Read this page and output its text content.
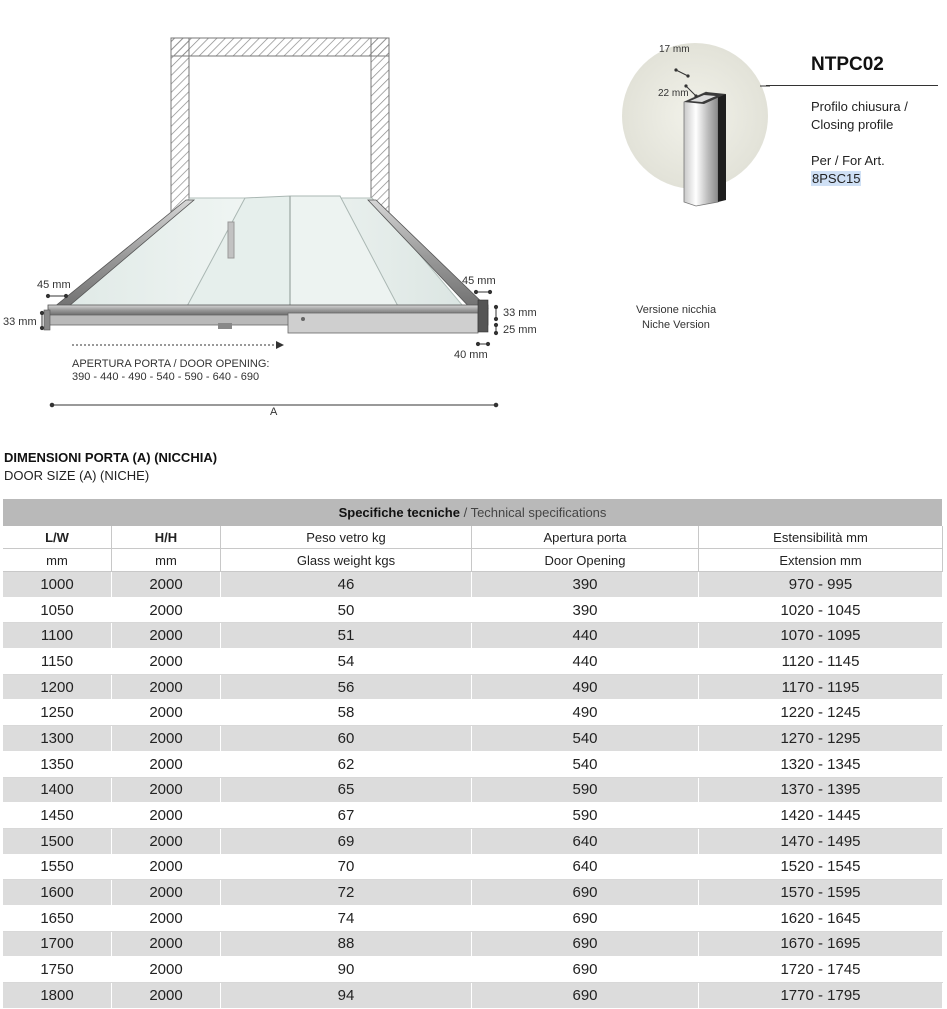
45 mm
33 mm
45 mm
33 mm
25 mm
40 mm
APERTURA PORTA / DOOR OPENING:
390 - 440 - 490 - 540 - 590 - 640 - 690
A
Versione nicchia
Niche Version
17 mm
22 mm
NTPC02
Profilo chiusura /
Closing profile
Per / For Art.
8PSC15
DIMENSIONI PORTA (A) (NICCHIA)
DOOR SIZE (A) (NICHE)
Specifiche tecniche / Technical specifications				
L/W	H/H	Peso vetro kg	Apertura porta	Estensibilità mm
mm	mm	Glass weight kgs	Door Opening	Extension mm
1000	2000	46	390	970 - 995
1050	2000	50	390	1020 - 1045
1100	2000	51	440	1070 - 1095
1150	2000	54	440	1120 - 1145
1200	2000	56	490	1170 - 1195
1250	2000	58	490	1220 - 1245
1300	2000	60	540	1270 - 1295
1350	2000	62	540	1320 - 1345
1400	2000	65	590	1370 - 1395
1450	2000	67	590	1420 - 1445
1500	2000	69	640	1470 - 1495
1550	2000	70	640	1520 - 1545
1600	2000	72	690	1570 - 1595
1650	2000	74	690	1620 - 1645
1700	2000	88	690	1670 - 1695
1750	2000	90	690	1720 - 1745
1800	2000	94	690	1770 - 1795
